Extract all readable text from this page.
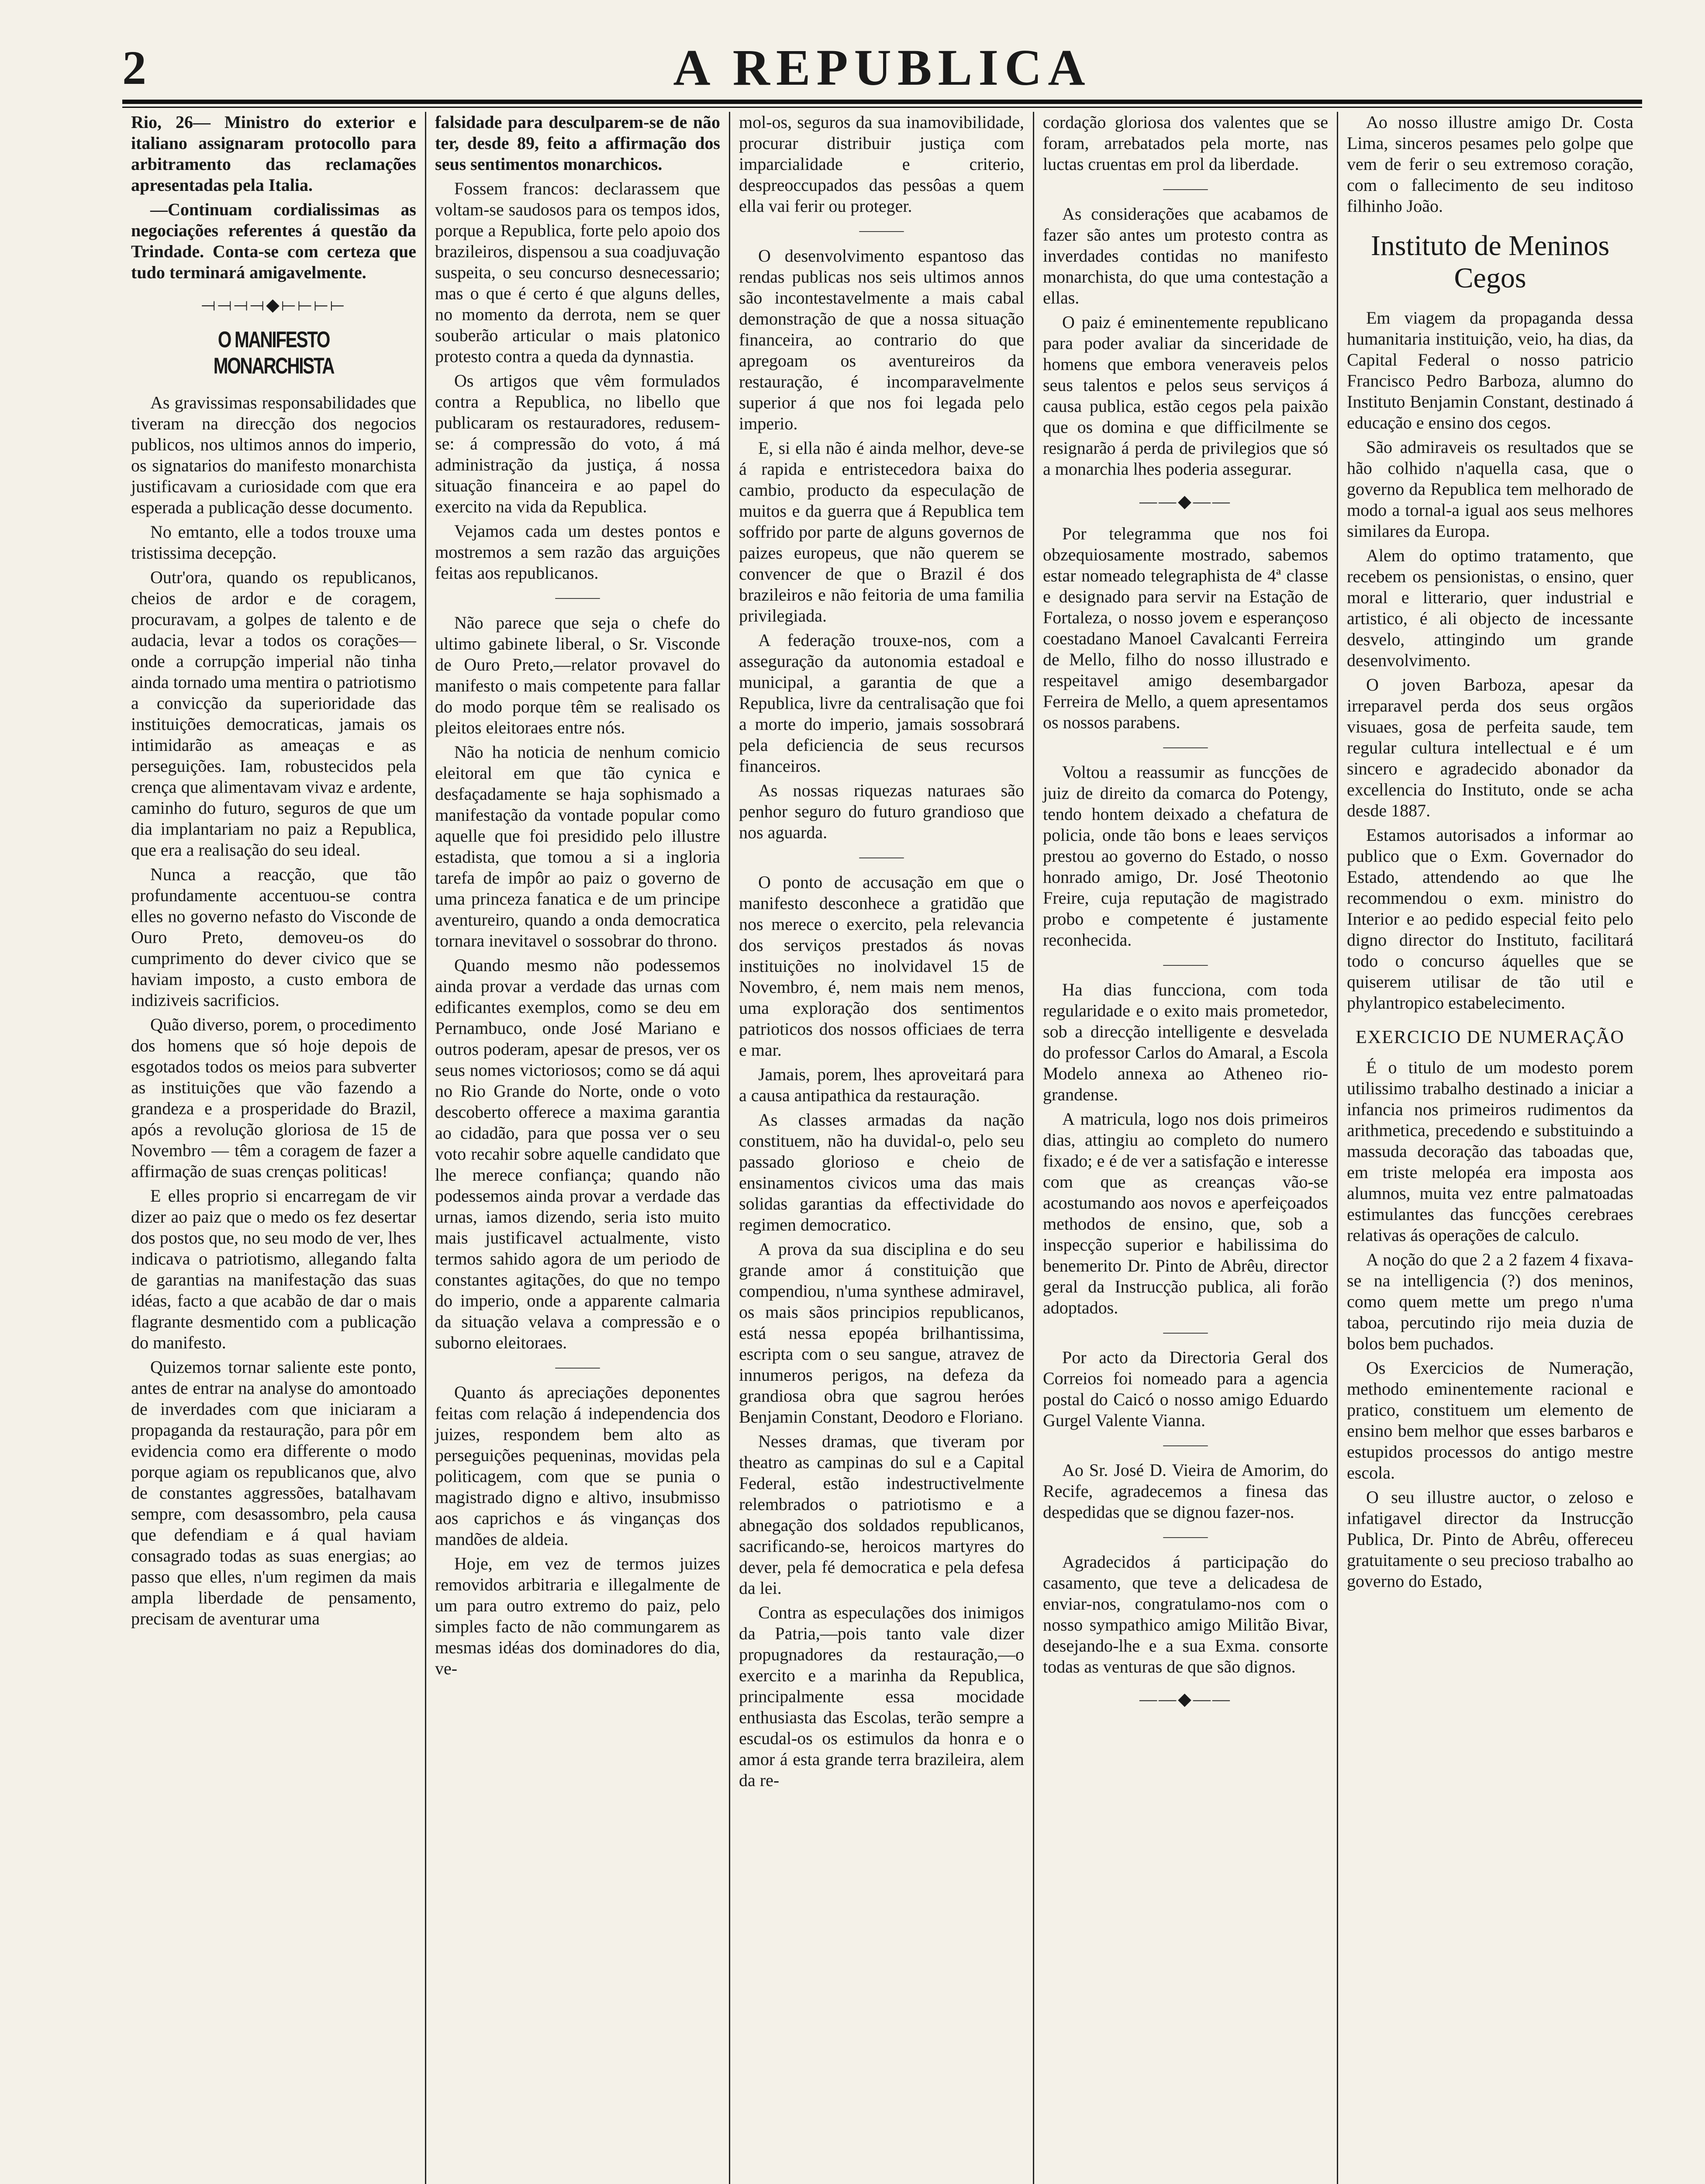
2	A REPUBLICA

Rio, 26— Ministro do exterior e italiano assignaram protocollo para arbitramento das reclamações apresentadas pela Italia.

—Continuam cordialissimas as negociações referentes á questão da Trindade. Conta-se com certeza que tudo terminará amigavelmente.

⟞⟞⟞⟞◆⟝⟝⟝⟝
O MANIFESTO MONARCHISTA

As gravissimas responsabilidades que tiveram na direcção dos negocios publicos, nos ultimos annos do imperio, os signatarios do manifesto monarchista justificavam a curiosidade com que era esperada a publicação desse documento.

No emtanto, elle a todos trouxe uma tristissima decepção.

Outr'ora, quando os republicanos, cheios de ardor e de coragem, procuravam, a golpes de talento e de audacia, levar a todos os corações—onde a corrupção imperial não tinha ainda tornado uma mentira o patriotismo a convicção da superioridade das instituições democraticas, jamais os intimidarão as ameaças e as perseguições. Iam, robustecidos pela crença que alimentavam vivaz e ardente, caminho do futuro, seguros de que um dia implantariam no paiz a Republica, que era a realisação do seu ideal.

Nunca a reacção, que tão profundamente accentuou-se contra elles no governo nefasto do Visconde de Ouro Preto, demoveu-os do cumprimento do dever civico que se haviam imposto, a custo embora de indiziveis sacrificios.

Quão diverso, porem, o procedimento dos homens que só hoje depois de esgotados todos os meios para subverter as instituições que vão fazendo a grandeza e a prosperidade do Brazil, após a revolução gloriosa de 15 de Novembro — têm a coragem de fazer a affirmação de suas crenças politicas!

E elles proprio si encarregam de vir dizer ao paiz que o medo os fez desertar dos postos que, no seu modo de ver, lhes indicava o patriotismo, allegando falta de garantias na manifestação das suas idéas, facto a que acabão de dar o mais flagrante desmentido com a publicação do manifesto.

Quizemos tornar saliente este ponto, antes de entrar na analyse do amontoado de inverdades com que iniciaram a propaganda da restauração, para pôr em evidencia como era differente o modo porque agiam os republicanos que, alvo de constantes aggressões, batalhavam sempre, com desassombro, pela causa que defendiam e á qual haviam consagrado todas as suas energias; ao passo que elles, n'um regimen da mais ampla liberdade de pensamento, precisam de aventurar uma

falsidade para desculparem-se de não ter, desde 89, feito a affirmação dos seus sentimentos monarchicos.

Fossem francos: declarassem que voltam-se saudosos para os tempos idos, porque a Republica, forte pelo apoio dos brazileiros, dispensou a sua coadjuvação suspeita, o seu concurso desnecessario; mas o que é certo é que alguns delles, no momento da derrota, nem se quer souberão articular o mais platonico protesto contra a queda da dynnastia.

Os artigos que vêm formulados contra a Republica, no libello que publicaram os restauradores, redusem-se: á compressão do voto, á má administração da justiça, á nossa situação financeira e ao papel do exercito na vida da Republica.

Vejamos cada um destes pontos e mostremos a sem razão das arguições feitas aos republicanos.

———

Não parece que seja o chefe do ultimo gabinete liberal, o Sr. Visconde de Ouro Preto,—relator provavel do manifesto o mais competente para fallar do modo porque têm se realisado os pleitos eleitoraes entre nós.

Não ha noticia de nenhum comicio eleitoral em que tão cynica e desfaçadamente se haja sophismado a manifestação da vontade popular como aquelle que foi presidido pelo illustre estadista, que tomou a si a ingloria tarefa de impôr ao paiz o governo de uma princeza fanatica e de um principe aventureiro, quando a onda democratica tornara inevitavel o sossobrar do throno.

Quando mesmo não podessemos ainda provar a verdade das urnas com edificantes exemplos, como se deu em Pernambuco, onde José Mariano e outros poderam, apesar de presos, ver os seus nomes victoriosos; como se dá aqui no Rio Grande do Norte, onde o voto descoberto offerece a maxima garantia ao cidadão, para que possa ver o seu voto recahir sobre aquelle candidato que lhe merece confiança; quando não podessemos ainda provar a verdade das urnas, iamos dizendo, seria isto muito mais justificavel actualmente, visto termos sahido agora de um periodo de constantes agitações, do que no tempo do imperio, onde a apparente calmaria da situação velava a compressão e o suborno eleitoraes.

———

Quanto ás apreciações deponentes feitas com relação á independencia dos juizes, respondem bem alto as perseguições pequeninas, movidas pela politicagem, com que se punia o magistrado digno e altivo, insubmisso aos caprichos e ás vinganças dos mandões de aldeia.

Hoje, em vez de termos juizes removidos arbitraria e illegalmente de um para outro extremo do paiz, pelo simples facto de não commungarem as mesmas idéas dos dominadores do dia, ve-

mol-os, seguros da sua inamovibilidade, procurar distribuir justiça com imparcialidade e criterio, despreoccupados das pessôas a quem ella vai ferir ou proteger.

———

O desenvolvimento espantoso das rendas publicas nos seis ultimos annos são incontestavelmente a mais cabal demonstração de que a nossa situação financeira, ao contrario do que apregoam os aventureiros da restauração, é incomparavelmente superior á que nos foi legada pelo imperio.

E, si ella não é ainda melhor, deve-se á rapida e entristecedora baixa do cambio, producto da especulação de muitos e da guerra que á Republica tem soffrido por parte de alguns governos de paizes europeus, que não querem se convencer de que o Brazil é dos brazileiros e não feitoria de uma familia privilegiada.

A federação trouxe-nos, com a asseguração da autonomia estadoal e municipal, a garantia de que a Republica, livre da centralisação que foi a morte do imperio, jamais sossobrará pela deficiencia de seus recursos financeiros.

As nossas riquezas naturaes são penhor seguro do futuro grandioso que nos aguarda.

———

O ponto de accusação em que o manifesto desconhece a gratidão que nos merece o exercito, pela relevancia dos serviços prestados ás novas instituições no inolvidavel 15 de Novembro, é, nem mais nem menos, uma exploração dos sentimentos patrioticos dos nossos officiaes de terra e mar.

Jamais, porem, lhes aproveitará para a causa antipathica da restauração.

As classes armadas da nação constituem, não ha duvidal-o, pelo seu passado glorioso e cheio de ensinamentos civicos uma das mais solidas garantias da effectividade do regimen democratico.

A prova da sua disciplina e do seu grande amor á constituição que compendiou, n'uma synthese admiravel, os mais sãos principios republicanos, está nessa epopéa brilhantissima, escripta com o seu sangue, atravez de innumeros perigos, na defeza da grandiosa obra que sagrou heróes Benjamin Constant, Deodoro e Floriano.

Nesses dramas, que tiveram por theatro as campinas do sul e a Capital Federal, estão indestructivelmente relembrados o patriotismo e a abnegação dos soldados republicanos, sacrificando-se, heroicos martyres do dever, pela fé democratica e pela defesa da lei.

Contra as especulações dos inimigos da Patria,—pois tanto vale dizer propugnadores da restauração,—o exercito e a marinha da Republica, principalmente essa mocidade enthusiasta das Escolas, terão sempre a escudal-os os estimulos da honra e o amor á esta grande terra brazileira, alem da re-

cordação gloriosa dos valentes que se foram, arrebatados pela morte, nas luctas cruentas em prol da liberdade.

———

As considerações que acabamos de fazer são antes um protesto contra as inverdades contidas no manifesto monarchista, do que uma contestação a ellas.

O paiz é eminentemente republicano para poder avaliar da sinceridade de homens que embora veneraveis pelos seus talentos e pelos seus serviços á causa publica, estão cegos pela paixão que os domina e que difficilmente se resignarão á perda de privilegios que só a monarchia lhes poderia assegurar.

——◆——

Por telegramma que nos foi obzequiosamente mostrado, sabemos estar nomeado telegraphista de 4ª classe e designado para servir na Estação de Fortaleza, o nosso jovem e esperançoso coestadano Manoel Cavalcanti Ferreira de Mello, filho do nosso illustrado e respeitavel amigo desembargador Ferreira de Mello, a quem apresentamos os nossos parabens.

———

Voltou a reassumir as funcções de juiz de direito da comarca do Potengy, tendo hontem deixado a chefatura de policia, onde tão bons e leaes serviços prestou ao governo do Estado, o nosso honrado amigo, Dr. José Theotonio Freire, cuja reputação de magistrado probo e competente é justamente reconhecida.

———

Ha dias funcciona, com toda regularidade e o exito mais prometedor, sob a direcção intelligente e desvelada do professor Carlos do Amaral, a Escola Modelo annexa ao Atheneo rio-grandense.

A matricula, logo nos dois primeiros dias, attingiu ao completo do numero fixado; e é de ver a satisfação e interesse com que as creanças vão-se acostumando aos novos e aperfeiçoados methodos de ensino, que, sob a inspecção superior e habilissima do benemerito Dr. Pinto de Abrêu, director geral da Instrucção publica, ali forão adoptados.

———

Por acto da Directoria Geral dos Correios foi nomeado para a agencia postal do Caicó o nosso amigo Eduardo Gurgel Valente Vianna.

———

Ao Sr. José D. Vieira de Amorim, do Recife, agradecemos a finesa das despedidas que se dignou fazer-nos.

———

Agradecidos á participação do casamento, que teve a delicadesa de enviar-nos, congratulamo-nos com o nosso sympathico amigo Militão Bivar, desejando-lhe e a sua Exma. consorte todas as venturas de que são dignos.

——◆——

Ao nosso illustre amigo Dr. Costa Lima, sinceros pesames pelo golpe que vem de ferir o seu extremoso coração, com o fallecimento de seu inditoso filhinho João.

Instituto de Meninos Cegos

Em viagem da propaganda dessa humanitaria instituição, veio, ha dias, da Capital Federal o nosso patricio Francisco Pedro Barboza, alumno do Instituto Benjamin Constant, destinado á educação e ensino dos cegos.

São admiraveis os resultados que se hão colhido n'aquella casa, que o governo da Republica tem melhorado de modo a tornal-a igual aos seus melhores similares da Europa.

Alem do optimo tratamento, que recebem os pensionistas, o ensino, quer moral e litterario, quer industrial e artistico, é ali objecto de incessante desvelo, attingindo um grande desenvolvimento.

O joven Barboza, apesar da irreparavel perda dos seus orgãos visuaes, gosa de perfeita saude, tem regular cultura intellectual e é um sincero e agradecido abonador da excellencia do Instituto, onde se acha desde 1887.

Estamos autorisados a informar ao publico que o Exm. Governador do Estado, attendendo ao que lhe recommendou o exm. ministro do Interior e ao pedido especial feito pelo digno director do Instituto, facilitará todo o concurso áquelles que se quiserem utilisar de tão util e phylantropico estabelecimento.

EXERCICIO DE NUMERAÇÃO

É o titulo de um modesto porem utilissimo trabalho destinado a iniciar a infancia nos primeiros rudimentos da arithmetica, precedendo e substituindo a massuda decoração das taboadas que, em triste melopéa era imposta aos alumnos, muita vez entre palmatoadas estimulantes das funcções cerebraes relativas ás operações de calculo.

A noção do que 2 a 2 fazem 4 fixava-se na intelligencia (?) dos meninos, como quem mette um prego n'uma taboa, percutindo rijo meia duzia de bolos bem puchados.

Os Exercicios de Numeração, methodo eminentemente racional e pratico, constituem um elemento de ensino bem melhor que esses barbaros e estupidos processos do antigo mestre escola.

O seu illustre auctor, o zeloso e infatigavel director da Instrucção Publica, Dr. Pinto de Abrêu, offereceu gratuitamente o seu precioso trabalho ao governo do Estado,
